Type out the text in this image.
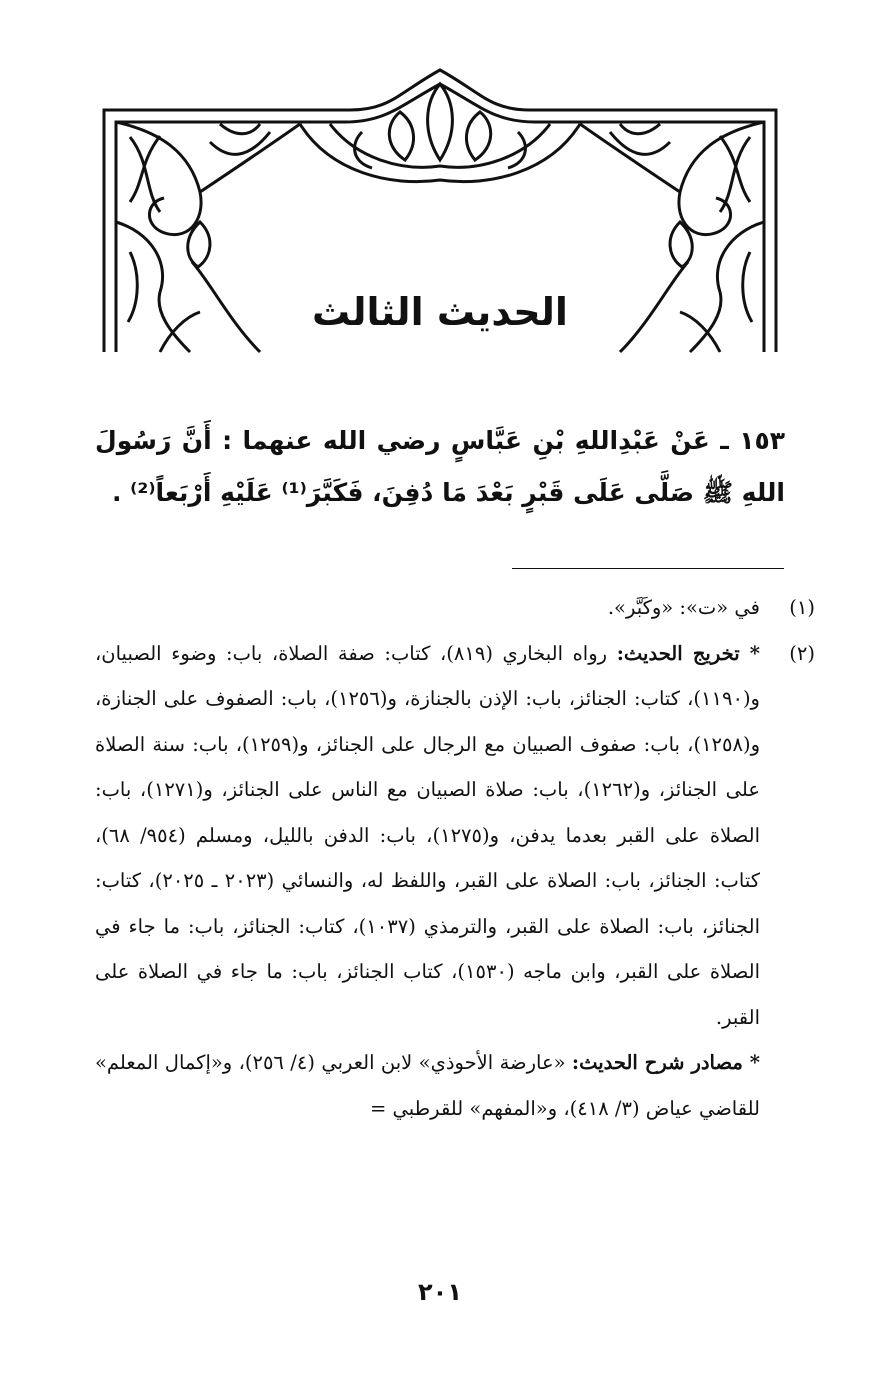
الحديث الثالث
١٥٣ ـ عَنْ عَبْدِاللهِ بْنِ عَبَّاسٍ رضي الله عنهما : أَنَّ رَسُولَ اللهِ ﷺ صَلَّى عَلَى قَبْرٍ بَعْدَ مَا دُفِنَ، فَكَبَّرَ⁽¹⁾ عَلَيْهِ أَرْبَعاً⁽²⁾ .
(١)
في «ت»: «وكَبَّر».
(٢)
* تخريج الحديث: رواه البخاري (٨١٩)، كتاب: صفة الصلاة، باب: وضوء الصبيان، و(١١٩٠)، كتاب: الجنائز، باب: الإذن بالجنازة، و(١٢٥٦)، باب: الصفوف على الجنازة، و(١٢٥٨)، باب: صفوف الصبيان مع الرجال على الجنائز، و(١٢٥٩)، باب: سنة الصلاة على الجنائز، و(١٢٦٢)، باب: صلاة الصبيان مع الناس على الجنائز، و(١٢٧١)، باب: الصلاة على القبر بعدما يدفن، و(١٢٧٥)، باب: الدفن بالليل، ومسلم (٩٥٤/ ٦٨)، كتاب: الجنائز، باب: الصلاة على القبر، واللفظ له، والنسائي (٢٠٢٣ ـ ٢٠٢٥)، كتاب: الجنائز، باب: الصلاة على القبر، والترمذي (١٠٣٧)، كتاب: الجنائز، باب: ما جاء في الصلاة على القبر، وابن ماجه (١٥٣٠)، كتاب الجنائز، باب: ما جاء في الصلاة على القبر.
* مصادر شرح الحديث: «عارضة الأحوذي» لابن العربي (٤/ ٢٥٦)، و«إكمال المعلم» للقاضي عياض (٣/ ٤١٨)، و«المفهم» للقرطبي =
٢٠١
